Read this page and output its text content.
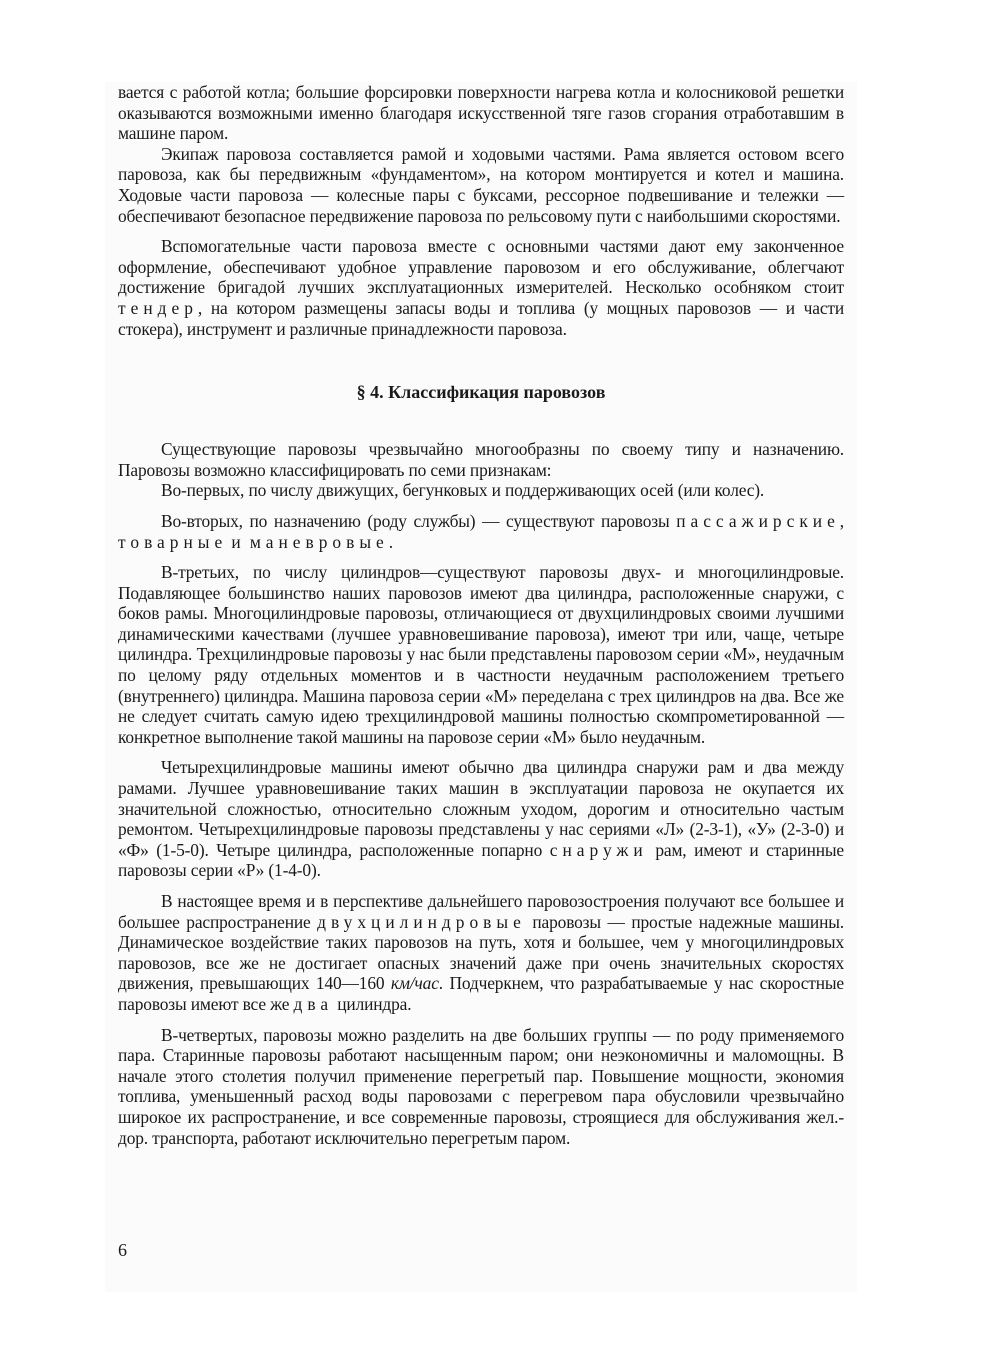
вается с работой котла; большие форсировки поверхности нагрева котла и колосниковой решетки оказываются возможными именно благодаря искусственной тяге газов сгорания отработавшим в машине паром.

Экипаж паровоза составляется рамой и ходовыми частями. Рама является остовом всего паровоза, как бы передвижным «фундаментом», на котором монтируется и котел и машина. Ходовые части паровоза — колесные пары с буксами, рессорное подвешивание и тележки — обеспечивают безопасное передвижение паровоза по рельсовому пути с наибольшими скоростями.

Вспомогательные части паровоза вместе с основными частями дают ему законченное оформление, обеспечивают удобное управление паровозом и его обслуживание, облегчают достижение бригадой лучших эксплуатационных измерителей. Несколько особняком стоит тендер, на котором размещены запасы воды и топлива (у мощных паровозов — и части стокера), инструмент и различные принадлежности паровоза.

§ 4. Классификация паровозов

Существующие паровозы чрезвычайно многообразны по своему типу и назначению. Паровозы возможно классифицировать по семи признакам:

Во-первых, по числу движущих, бегунковых и поддерживающих осей (или колес).

Во-вторых, по назначению (роду службы) — существуют паровозы пассажирские, товарные и маневровые.

В-третьих, по числу цилиндров—существуют паровозы двух- и многоцилиндровые. Подавляющее большинство наших паровозов имеют два цилиндра, расположенные снаружи, с боков рамы. Многоцилиндровые паровозы, отличающиеся от двухцилиндровых своими лучшими динамическими качествами (лучшее уравновешивание паровоза), имеют три или, чаще, четыре цилиндра. Трехцилиндровые паровозы у нас были представлены паровозом серии «М», неудачным по целому ряду отдельных моментов и в частности неудачным расположением третьего (внутреннего) цилиндра. Машина паровоза серии «М» переделана с трех цилиндров на два. Все же не следует считать самую идею трехцилиндровой машины полностью скомпрометированной — конкретное выполнение такой машины на паровозе серии «М» было неудачным.

Четырехцилиндровые машины имеют обычно два цилиндра снаружи рам и два между рамами. Лучшее уравновешивание таких машин в эксплуатации паровоза не окупается их значительной сложностью, относительно сложным уходом, дорогим и относительно частым ремонтом. Четырехцилиндровые паровозы представлены у нас сериями «Л» (2-3-1), «У» (2-3-0) и «Ф» (1-5-0). Четыре цилиндра, расположенные попарно снаружи рам, имеют и старинные паровозы серии «Р» (1-4-0).

В настоящее время и в перспективе дальнейшего паровозостроения получают все большее и большее распространение двухцилиндровые паровозы — простые надежные машины. Динамическое воздействие таких паровозов на путь, хотя и большее, чем у многоцилиндровых паровозов, все же не достигает опасных значений даже при очень значительных скоростях движения, превышающих 140—160 км/час. Подчеркнем, что разрабатываемые у нас скоростные паровозы имеют все же два цилиндра.

В-четвертых, паровозы можно разделить на две больших группы — по роду применяемого пара. Старинные паровозы работают насыщенным паром; они неэкономичны и маломощны. В начале этого столетия получил применение перегретый пар. Повышение мощности, экономия топлива, уменьшенный расход воды паровозами с перегревом пара обусловили чрезвычайно широкое их распространение, и все современные паровозы, строящиеся для обслуживания жел.-дор. транспорта, работают исключительно перегретым паром.

6
